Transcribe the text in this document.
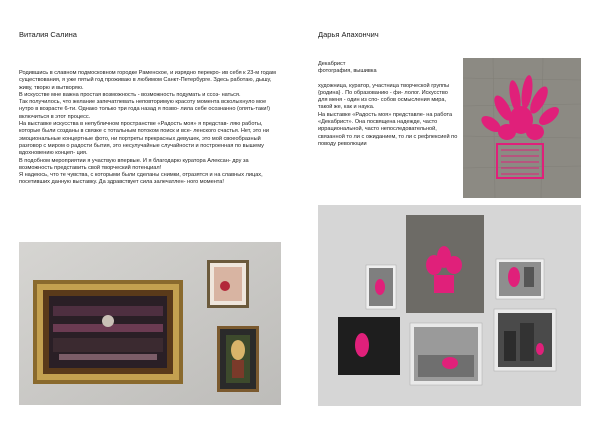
Виталия Салина

Родившись в славном подмосковном городке Раменское, и изрядно перекро- ив себя к 23-м годам существования, я уже пятый год проживаю в любимом Санкт-Петербурге. Здесь работаю, дышу, живу, творю и вытворяю.

В искусстве мне важна простая возможность - возможность подумать и ссоз- наться.

Так получилось, что желание запечатлевать неповторимую красоту момента всколыхнуло мое нутро в возрасте 6-ти. Однако только три года назад я позво- лила себе осознанно (опять-таки!) включиться в этот процесс.

На выставке искусства в непубличном пространстве «Радость моя» я представ- ляю работы, которые были созданы в связке с тотальным потоком поиск и все- ленского счастья. Нет, это ни эмоциональные концертные фото, ни портреты прекрасных девушек, это мой своеобразный разговор с миром о радости бытия, это несулучайные случайности и построенная по вышему вдохновению концеп- ция.

В подобном мероприятии я участвую впервые. И я благодарю куратора Алексан- дру за возможность представить свой творческий потенциал!

Я надеюсь, что те чувства, с которыми были сделаны снимки, отразятся и на славных лицах, посетивших данную выставку. Да здравствует сила залечатлен- ного момента!

Дарья Апахончич

Декабрист

фотография, вышивка

художница, куратор, участница творческой группы {родина} . По образованию - фи- лолог. Искусство для меня - один из спо- собов осмысления мира, такой же, как и наука.

На выставке «Радость моя» представле- на работа «Декабрист». Она посвящена надежде, часто иррациональной, часто непоследовательной, связанной то ли с ожиданием, то ли с рефлексией по поводу революции
